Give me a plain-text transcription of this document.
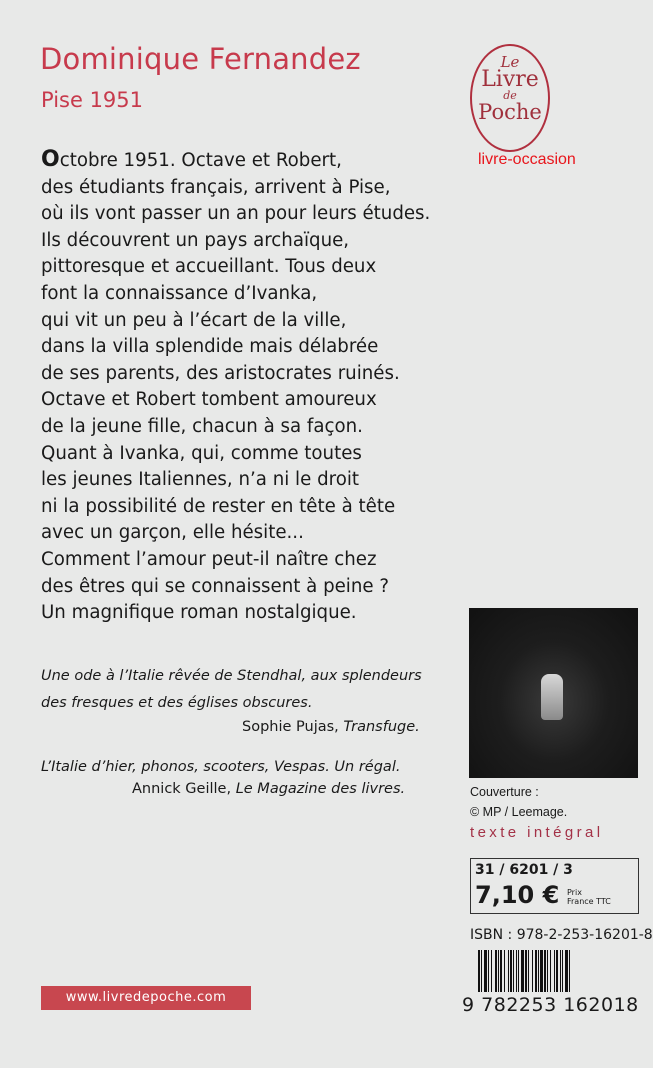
Dominique Fernandez
Pise 1951
Le
Livre
de
Poche
livre-occasion
Octobre 1951. Octave et Robert,
des étudiants français, arrivent à Pise,
où ils vont passer un an pour leurs études.
Ils découvrent un pays archaïque,
pittoresque et accueillant. Tous deux
font la connaissance d’Ivanka,
qui vit un peu à l’écart de la ville,
dans la villa splendide mais délabrée
de ses parents, des aristocrates ruinés.
Octave et Robert tombent amoureux
de la jeune fille, chacun à sa façon.
Quant à Ivanka, qui, comme toutes
les jeunes Italiennes, n’a ni le droit
ni la possibilité de rester en tête à tête
avec un garçon, elle hésite...
Comment l’amour peut-il naître chez
des êtres qui se connaissent à peine ?
Un magnifique roman nostalgique.
Une ode à l’Italie rêvée de Stendhal, aux splendeurs
des fresques et des églises obscures.
Sophie Pujas, Transfuge.
L’Italie d’hier, phonos, scooters, Vespas. Un régal.
Annick Geille, Le Magazine des livres.	Couverture :
© MP / Leemage.
texte intégral
31 / 6201 / 3
7,10 € Prix
France TTC
ISBN : 978-2-253-16201-8
9 782253 162018
www.livredepoche.com
